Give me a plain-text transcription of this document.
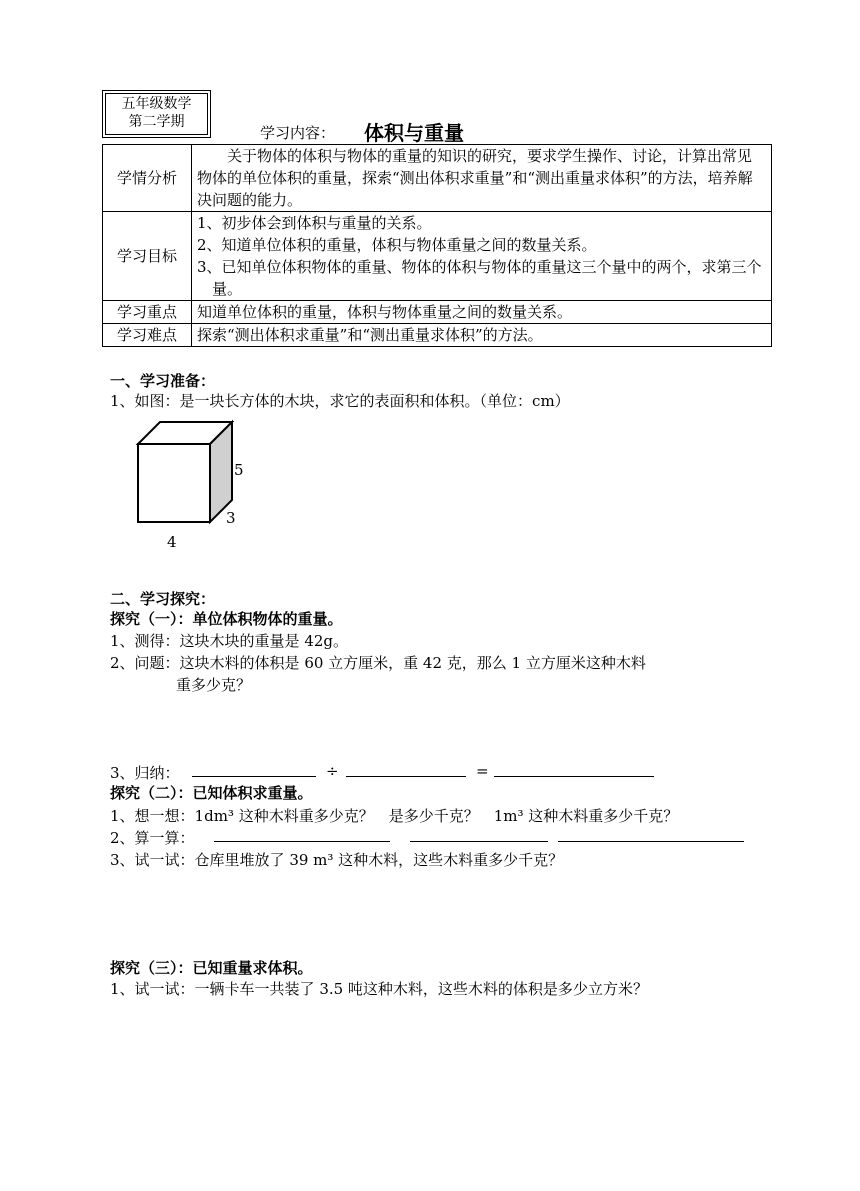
五年级数学
第二学期
学习内容： 体积与重量
学情分析	关于物体的体积与物体的重量的知识的研究，要求学生操作、讨论，计算出常见物体的单位体积的重量，探索“测出体积求重量”和“测出重量求体积”的方法，培养解决问题的能力。
学习目标	1、初步体会到体积与重量的关系。
2、知道单位体积的重量，体积与物体重量之间的数量关系。
3、已知单位体积物体的重量、物体的体积与物体的重量这三个量中的两个，求第三个量。

学习重点	知道单位体积的重量，体积与物体重量之间的数量关系。
学习难点	探索“测出体积求重量”和“测出重量求体积”的方法。
一、学习准备：
1、如图：是一块长方体的木块，求它的表面积和体积。（单位：cm）
5
3
4
二、学习探究：
探究（一）：单位体积物体的重量。
1、测得：这块木块的重量是 42g。
2、问题：这块木料的体积是 60 立方厘米，重 42 克，那么 1 立方厘米这种木料
重多少克？
3、归纳：	÷	=
探究（二）：已知体积求重量。
1、想一想：1dm³ 这种木料重多少克？　是多少千克？　1m³ 这种木料重多少千克？
2、算一算：
3、试一试：仓库里堆放了 39 m³ 这种木料，这些木料重多少千克？
探究（三）：已知重量求体积。
1、试一试：一辆卡车一共装了 3.5 吨这种木料，这些木料的体积是多少立方米？
